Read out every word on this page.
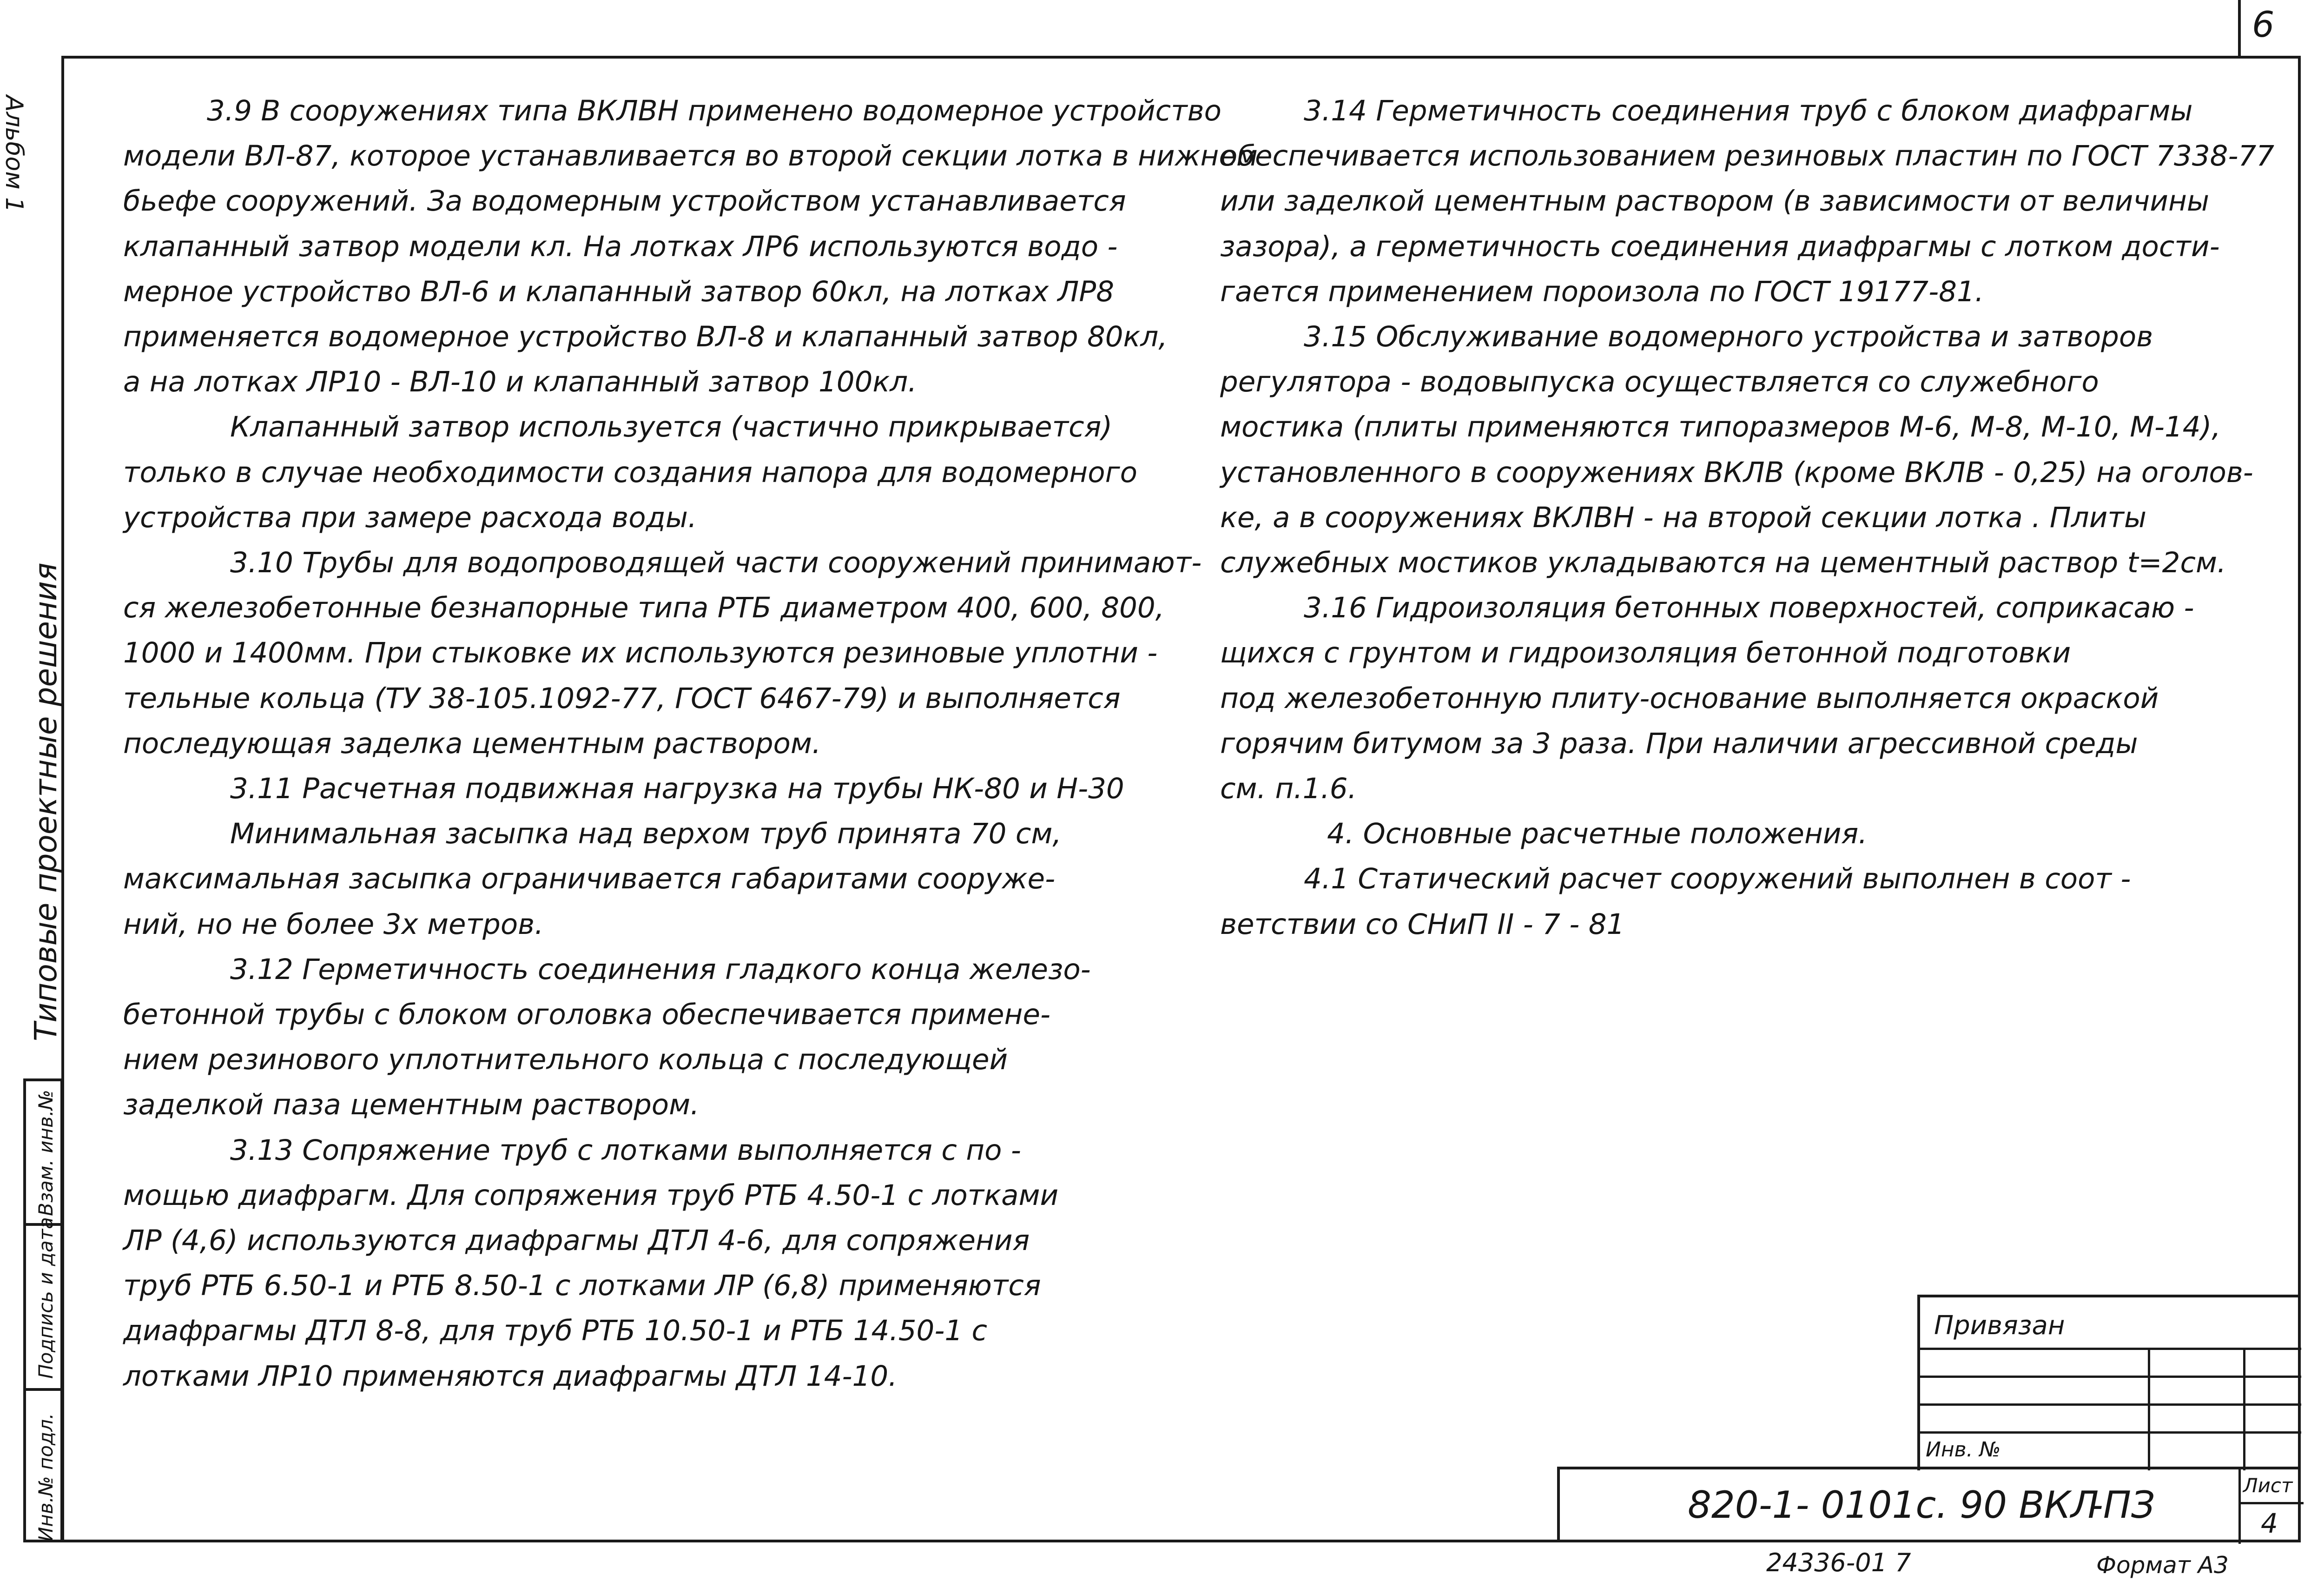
6
Альбом 1
Типовые проектные решения
Инв.№ подл.
Подпись и дата
Взам. инв.№

3.9 В сооружениях типа ВКЛВН применено водомерное устройство

модели ВЛ-87, которое устанавливается во второй секции лотка в нижнем

бьефе сооружений. За водомерным устройством устанавливается

клапанный затвор модели кл. На лотках ЛР6 используются водо -

мерное устройство ВЛ-6 и клапанный затвор 60кл, на лотках ЛР8

применяется водомерное устройство ВЛ-8 и клапанный затвор 80кл,

а на лотках ЛР10 - ВЛ-10 и клапанный затвор 100кл.

Клапанный затвор используется (частично прикрывается)

только в случае необходимости создания напора для водомерного

устройства при замере расхода воды.

3.10 Трубы для водопроводящей части сооружений принимают-

ся железобетонные безнапорные типа РТБ диаметром 400, 600, 800,

1000 и 1400мм. При стыковке их используются резиновые уплотни -

тельные кольца (ТУ 38-105.1092-77, ГОСТ 6467-79) и выполняется

последующая заделка цементным раствором.

3.11 Расчетная подвижная нагрузка на трубы НК-80 и Н-30

Минимальная засыпка над верхом труб принята 70 см,

максимальная засыпка ограничивается габаритами сооруже-

ний, но не более 3х метров.

3.12 Герметичность соединения гладкого конца железо-

бетонной трубы с блоком оголовка обеспечивается примене-

нием резинового уплотнительного кольца с последующей

заделкой паза цементным раствором.

3.13 Сопряжение труб с лотками выполняется с по -

мощью диафрагм. Для сопряжения труб РТБ 4.50-1 с лотками

ЛР (4,6) используются диафрагмы ДТЛ 4-6, для сопряжения

труб РТБ 6.50-1 и РТБ 8.50-1 с лотками ЛР (6,8) применяются

диафрагмы ДТЛ 8-8, для труб РТБ 10.50-1 и РТБ 14.50-1 с

лотками ЛР10 применяются диафрагмы ДТЛ 14-10.

3.14 Герметичность соединения труб с блоком диафрагмы

обеспечивается использованием резиновых пластин по ГОСТ 7338-77

или заделкой цементным раствором (в зависимости от величины

зазора), а герметичность соединения диафрагмы с лотком дости-

гается применением пороизола по ГОСТ 19177-81.

3.15 Обслуживание водомерного устройства и затворов

регулятора - водовыпуска осуществляется со служебного

мостика (плиты применяются типоразмеров М-6, М-8, М-10, М-14),

установленного в сооружениях ВКЛВ (кроме ВКЛВ - 0,25) на оголов-

ке, а в сооружениях ВКЛВН - на второй секции лотка . Плиты

служебных мостиков укладываются на цементный раствор t=2см.

3.16 Гидроизоляция бетонных поверхностей, соприкасаю -

щихся с грунтом и гидроизоляция бетонной подготовки

под железобетонную плиту-основание выполняется окраской

горячим битумом за 3 раза. При наличии агрессивной среды

см. п.1.6.

4. Основные расчетные положения.

4.1 Статический расчет сооружений выполнен в соот -

ветствии со СНиП II - 7 - 81

Привязан
Инв. №
820-1- 0101с. 90 ВКЛ
-ПЗ	Лист
4
24336-01 7	Формат А3
